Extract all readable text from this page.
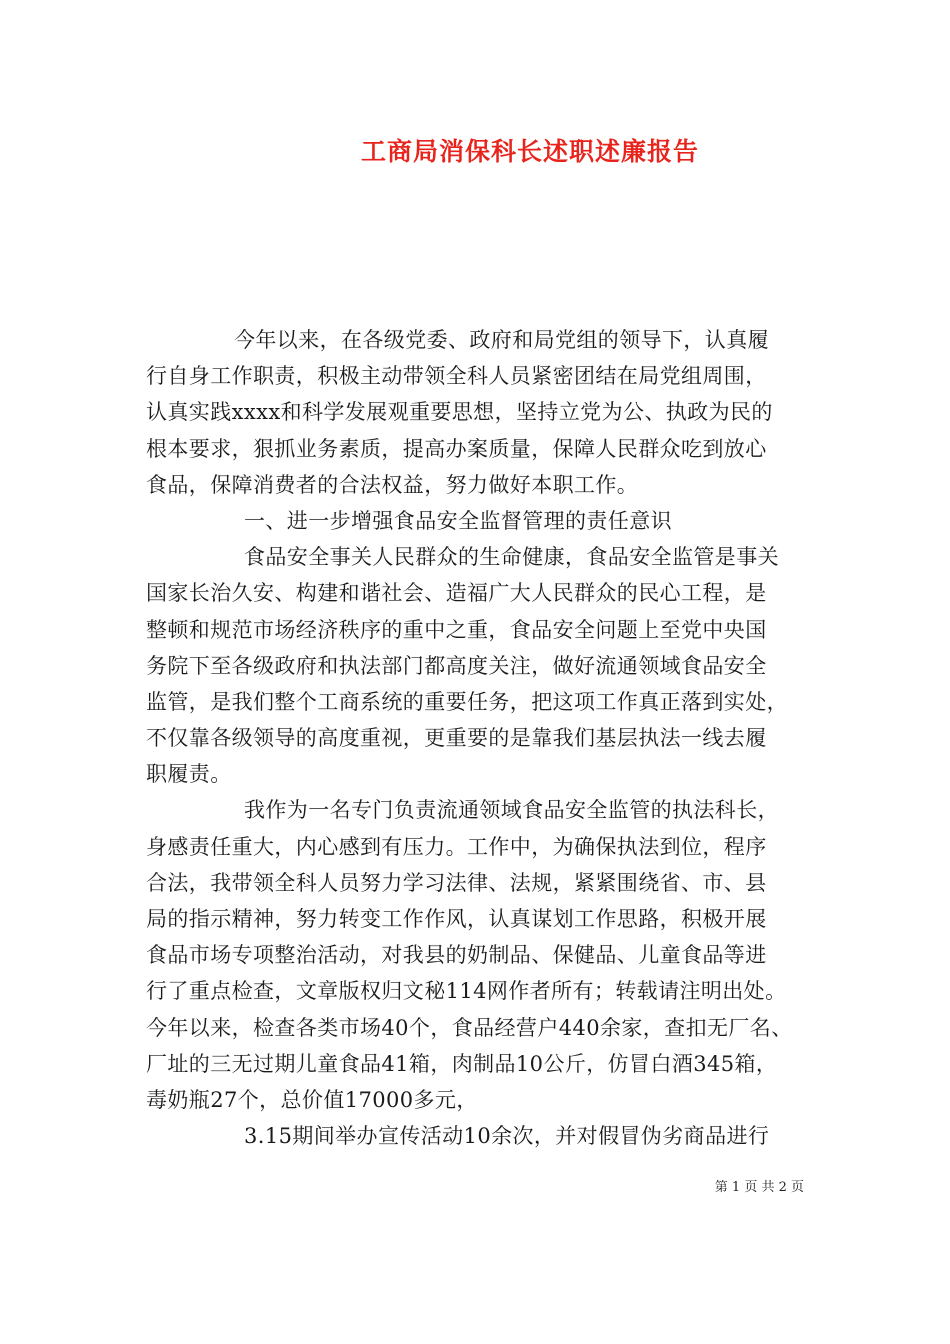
工商局消保科长述职述廉报告
今年以来，在各级党委、政府和局党组的领导下，认真履
行自身工作职责，积极主动带领全科人员紧密团结在局党组周围，
认真实践xxxx和科学发展观重要思想，坚持立党为公、执政为民的
根本要求，狠抓业务素质，提高办案质量，保障人民群众吃到放心
食品，保障消费者的合法权益，努力做好本职工作。
一、进一步增强食品安全监督管理的责任意识
食品安全事关人民群众的生命健康，食品安全监管是事关
国家长治久安、构建和谐社会、造福广大人民群众的民心工程，是
整顿和规范市场经济秩序的重中之重，食品安全问题上至党中央国
务院下至各级政府和执法部门都高度关注，做好流通领域食品安全
监管，是我们整个工商系统的重要任务，把这项工作真正落到实处，
不仅靠各级领导的高度重视，更重要的是靠我们基层执法一线去履
职履责。
我作为一名专门负责流通领域食品安全监管的执法科长，
身感责任重大，内心感到有压力。工作中，为确保执法到位，程序
合法，我带领全科人员努力学习法律、法规，紧紧围绕省、市、县
局的指示精神，努力转变工作作风，认真谋划工作思路，积极开展
食品市场专项整治活动，对我县的奶制品、保健品、儿童食品等进
行了重点检查，文章版权归文秘114网作者所有；转载请注明出处。
今年以来，检查各类市场40个，食品经营户440余家，查扣无厂名、
厂址的三无过期儿童食品41箱，肉制品10公斤，仿冒白酒345箱，
毒奶瓶27个，总价值17000多元，
3.15期间举办宣传活动10余次，并对假冒伪劣商品进行
第 1 页 共 2 页
